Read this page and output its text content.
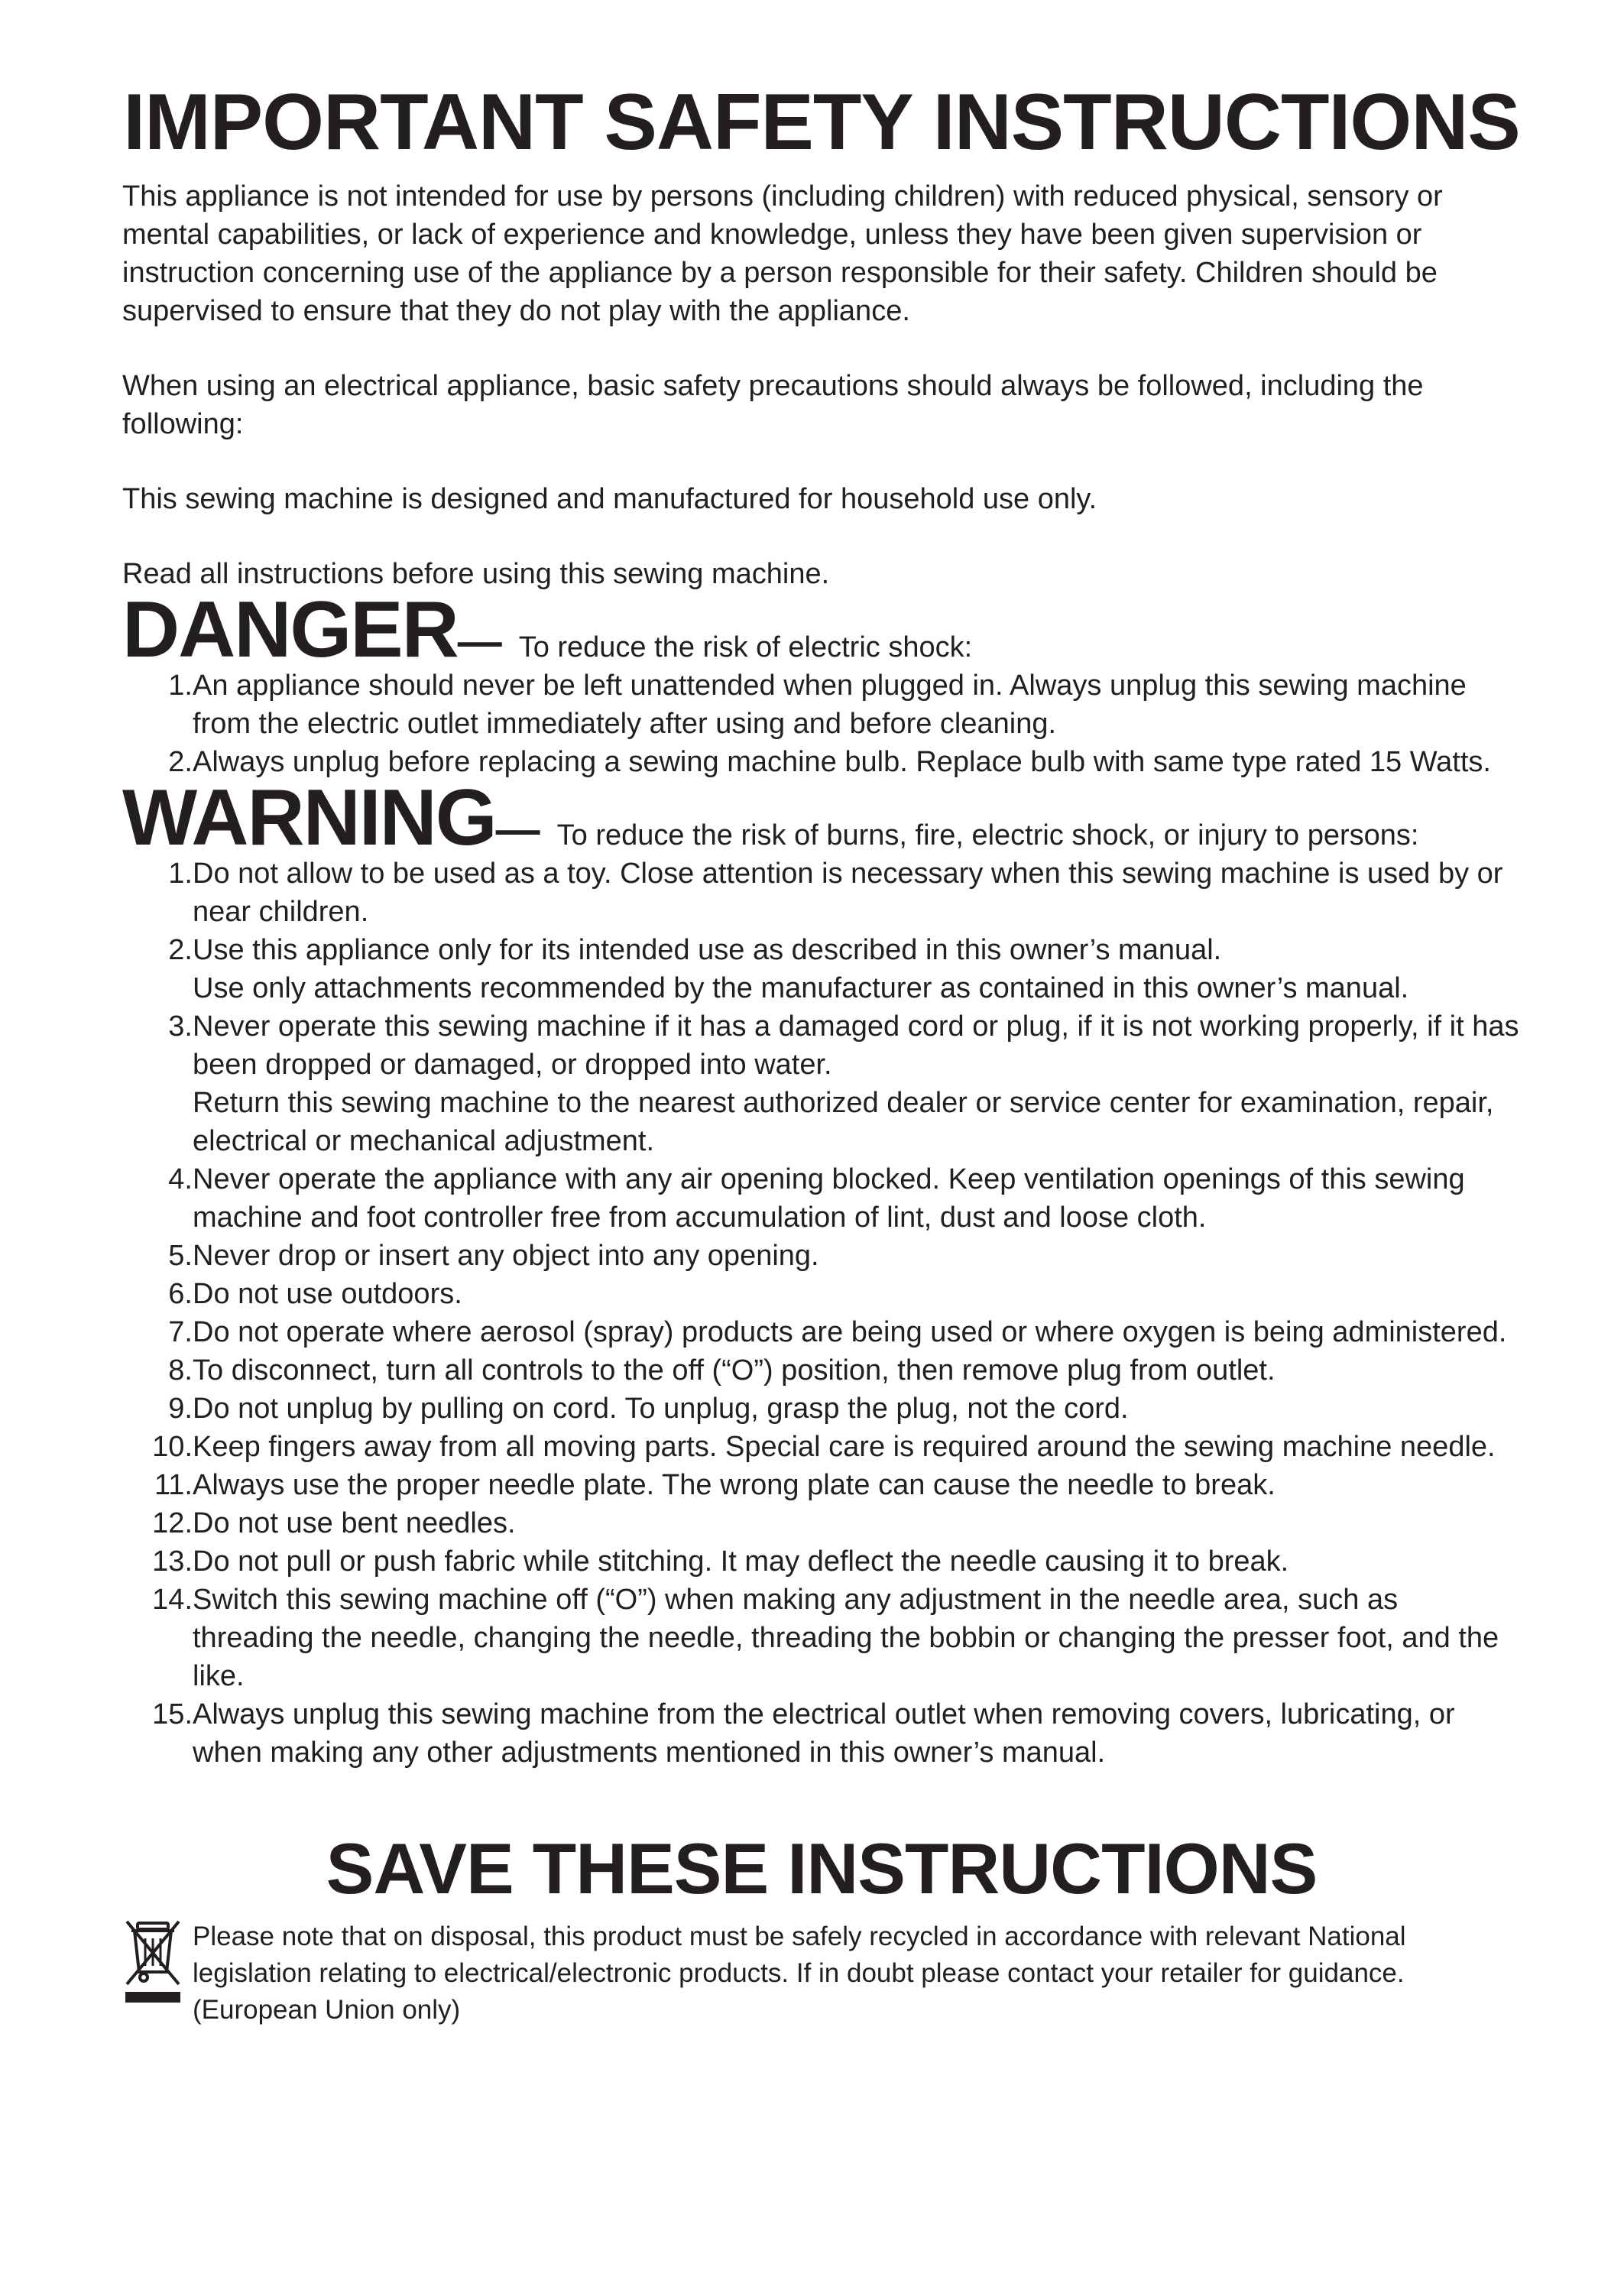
IMPORTANT SAFETY INSTRUCTIONS

This appliance is not intended for use by persons (including children) with reduced physical, sensory or mental capabilities, or lack of experience and knowledge, unless they have been given supervision or instruction concerning use of the appliance by a person responsible for their safety. Children should be supervised to ensure that they do not play with the appliance.

When using an electrical appliance, basic safety precautions should always be followed, including the following:

This sewing machine is designed and manufactured for household use only.

Read all instructions before using this sewing machine.

DANGER — To reduce the risk of electric shock:
1. An appliance should never be left unattended when plugged in. Always unplug this sewing machine from the electric outlet immediately after using and before cleaning.

2. Always unplug before replacing a sewing machine bulb. Replace bulb with same type rated 15 Watts.

WARNING — To reduce the risk of burns, fire, electric shock, or injury to persons:
1. Do not allow to be used as a toy. Close attention is necessary when this sewing machine is used by or near children.

2. Use this appliance only for its intended use as described in this owner’s manual.

Use only attachments recommended by the manufacturer as contained in this owner’s manual.

3. Never operate this sewing machine if it has a damaged cord or plug, if it is not working properly, if it has been dropped or damaged, or dropped into water.

Return this sewing machine to the nearest authorized dealer or service center for examination, repair, electrical or mechanical adjustment.

4. Never operate the appliance with any air opening blocked. Keep ventilation openings of this sewing machine and foot controller free from accumulation of lint, dust and loose cloth.

5. Never drop or insert any object into any opening.

6. Do not use outdoors.

7. Do not operate where aerosol (spray) products are being used or where oxygen is being administered.

8. To disconnect, turn all controls to the off (“O”) position, then remove plug from outlet.

9. Do not unplug by pulling on cord. To unplug, grasp the plug, not the cord.

10. Keep fingers away from all moving parts. Special care is required around the sewing machine needle.

11. Always use the proper needle plate. The wrong plate can cause the needle to break.

12. Do not use bent needles.

13. Do not pull or push fabric while stitching. It may deflect the needle causing it to break.

14. Switch this sewing machine off (“O”) when making any adjustment in the needle area, such as threading the needle, changing the needle, threading the bobbin or changing the presser foot, and the like.

15. Always unplug this sewing machine from the electrical outlet when removing covers, lubricating, or when making any other adjustments mentioned in this owner’s manual.

SAVE THESE INSTRUCTIONS

Please note that on disposal, this product must be safely recycled in accordance with relevant National legislation relating to electrical/electronic products. If in doubt please contact your retailer for guidance.

(European Union only)
